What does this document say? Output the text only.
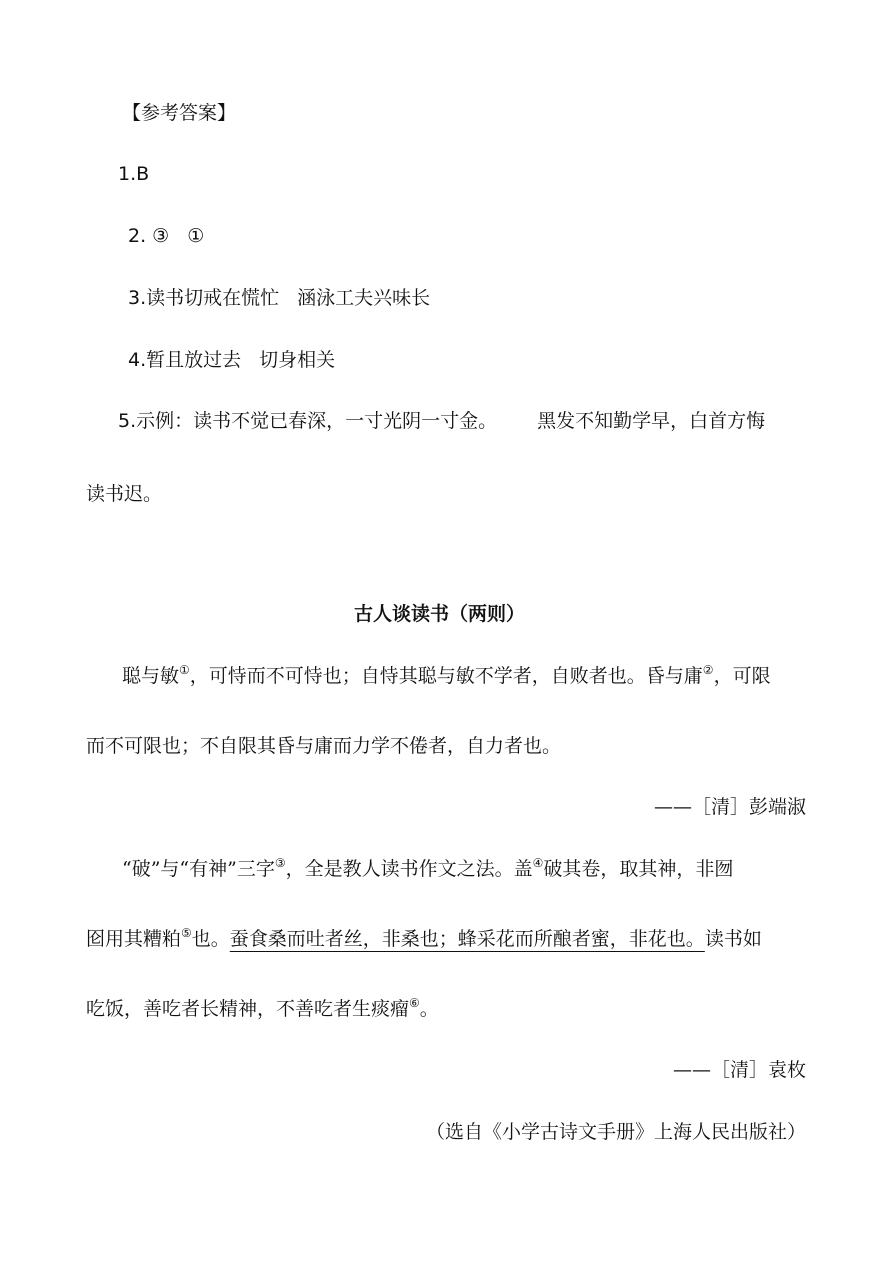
【参考答案】
1.B
2. ③ ①
3.读书切戒在慌忙 涵泳工夫兴味长
4.暂且放过去 切身相关
5.示例：读书不觉已春深，一寸光阴一寸金。 黑发不知勤学早，白首方悔
读书迟。
古人谈读书（两则）
聪与敏①，可恃而不可恃也；自恃其聪与敏不学者，自败者也。昏与庸②，可限
而不可限也；不自限其昏与庸而力学不倦者，自力者也。
——［清］彭端淑
“破”与“有神”三字③，全是教人读书作文之法。盖④破其卷，取其神，非囫
囵用其糟粕⑤也。蚕食桑而吐者丝，非桑也；蜂采花而所酿者蜜，非花也。读书如
吃饭，善吃者长精神，不善吃者生痰瘤⑥。
——［清］袁枚
（选自《小学古诗文手册》上海人民出版社）
